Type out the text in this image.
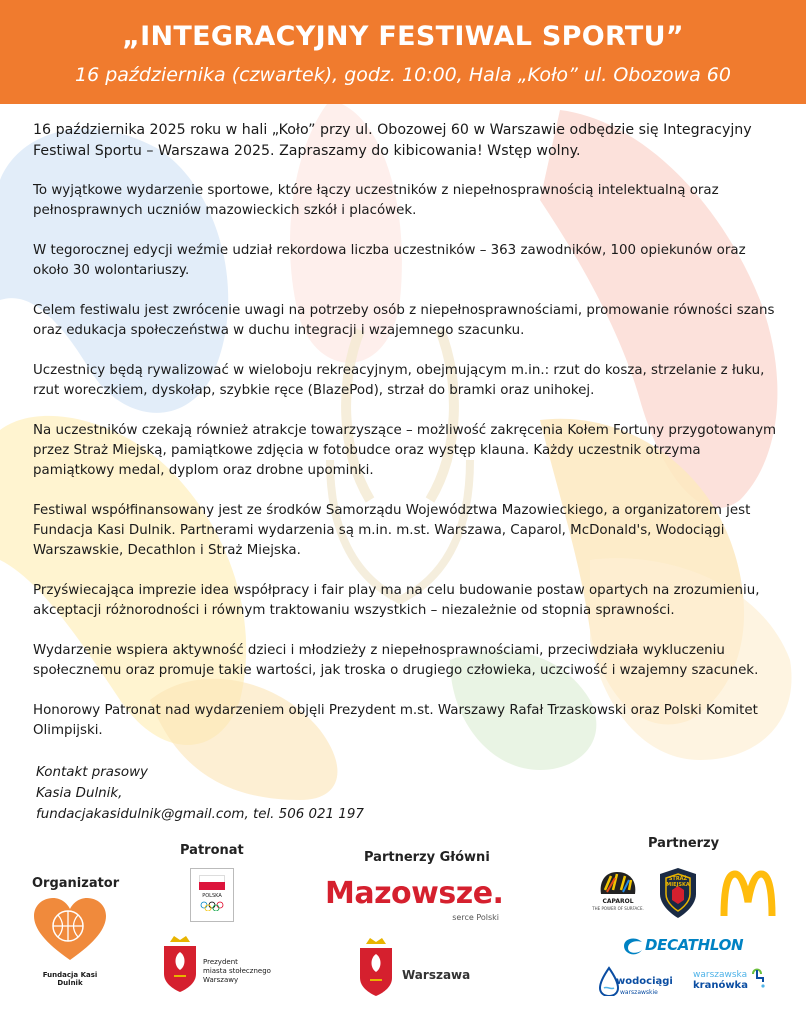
„INTEGRACYJNY FESTIWAL SPORTU”
16 października (czwartek), godz. 10:00, Hala „Koło” ul. Obozowa 60

16 października 2025 roku w hali „Koło” przy ul. Obozowej 60 w Warszawie odbędzie się Integracyjny Festiwal Sportu – Warszawa 2025. Zapraszamy do kibicowania! Wstęp wolny.

To wyjątkowe wydarzenie sportowe, które łączy uczestników z niepełnosprawnością intelektualną oraz pełnosprawnych uczniów mazowieckich szkół i placówek.

W tegorocznej edycji weźmie udział rekordowa liczba uczestników – 363 zawodników, 100 opiekunów oraz około 30 wolontariuszy.

Celem festiwalu jest zwrócenie uwagi na potrzeby osób z niepełnosprawnościami, promowanie równości szans oraz edukacja społeczeństwa w duchu integracji i wzajemnego szacunku.

Uczestnicy będą rywalizować w wieloboju rekreacyjnym, obejmującym m.in.: rzut do kosza, strzelanie z łuku, rzut woreczkiem, dyskołap, szybkie ręce (BlazePod), strzał do bramki oraz unihokej.

Na uczestników czekają również atrakcje towarzyszące – możliwość zakręcenia Kołem Fortuny przygotowanym przez Straż Miejską, pamiątkowe zdjęcia w fotobudce oraz występ klauna. Każdy uczestnik otrzyma pamiątkowy medal, dyplom oraz drobne upominki.

Festiwal współfinansowany jest ze środków Samorządu Województwa Mazowieckiego, a organizatorem jest Fundacja Kasi Dulnik. Partnerami wydarzenia są m.in. m.st. Warszawa, Caparol, McDonald's, Wodociągi Warszawskie, Decathlon i Straż Miejska.

Przyświecająca imprezie idea współpracy i fair play ma na celu budowanie postaw opartych na zrozumieniu, akceptacji różnorodności i równym traktowaniu wszystkich – niezależnie od stopnia sprawności.

Wydarzenie wspiera aktywność dzieci i młodzieży z niepełnosprawnościami, przeciwdziała wykluczeniu społecznemu oraz promuje takie wartości, jak troska o drugiego człowieka, uczciwość i wzajemny szacunek.

Honorowy Patronat nad wydarzeniem objęli Prezydent m.st. Warszawy Rafał Trzaskowski oraz Polski Komitet Olimpijski.

Kontakt prasowy
Kasia Dulnik,
fundacjakasidulnik@gmail.com, tel. 506 021 197
Organizator
Patronat	Partnerzy Główni
Partnerzy
Fundacja Kasi Dulnik
POLSKA
Prezydent
miasta stołecznego
Warszawy
Mazowsze.
serce Polski
Warszawa
CAPAROL
THE POWER OF SURFACE.
STRAŻ
MIEJSKA
DECATHLON
wodociągi
warszawskie
warszawska
kranówka
